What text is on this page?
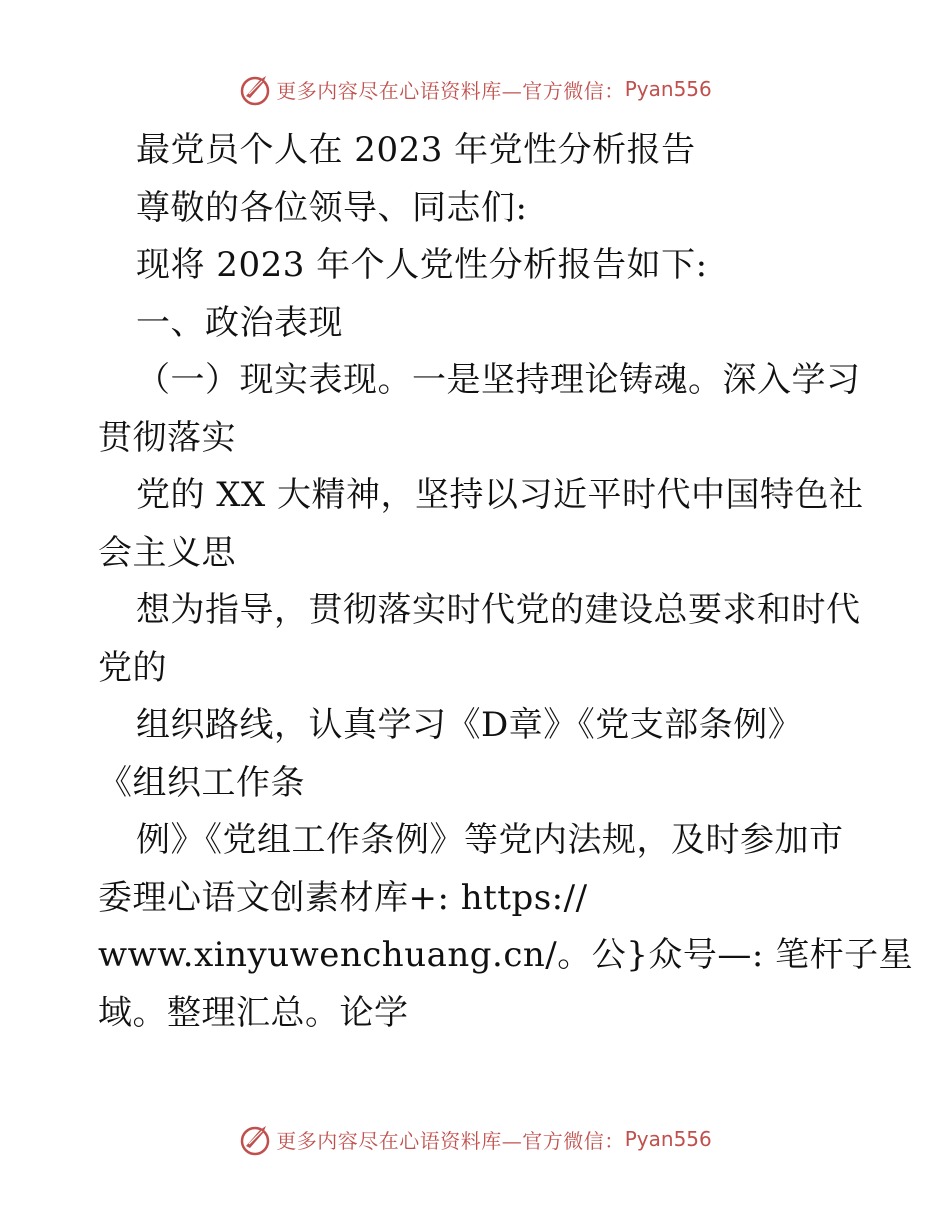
更多内容尽在心语资料库—官方微信： Pyan556
最党员个人在 2023 年党性分析报告
尊敬的各位领导、同志们:
现将 2023 年个人党性分析报告如下:
一、政治表现
（一）现实表现。一是坚持理论铸魂。深入学习
贯彻落实
党的 XX 大精神，坚持以习近平时代中国特色社
会主义思
想为指导，贯彻落实时代党的建设总要求和时代
党的
组织路线，认真学习《D章》《党支部条例》
《组织工作条
例》《党组工作条例》等党内法规，及时参加市
委理心语文创素材库+: https://
www.xinyuwenchuang.cn/。公}众号—: 笔杆子星
域。整理汇总。论学
更多内容尽在心语资料库—官方微信： Pyan556
